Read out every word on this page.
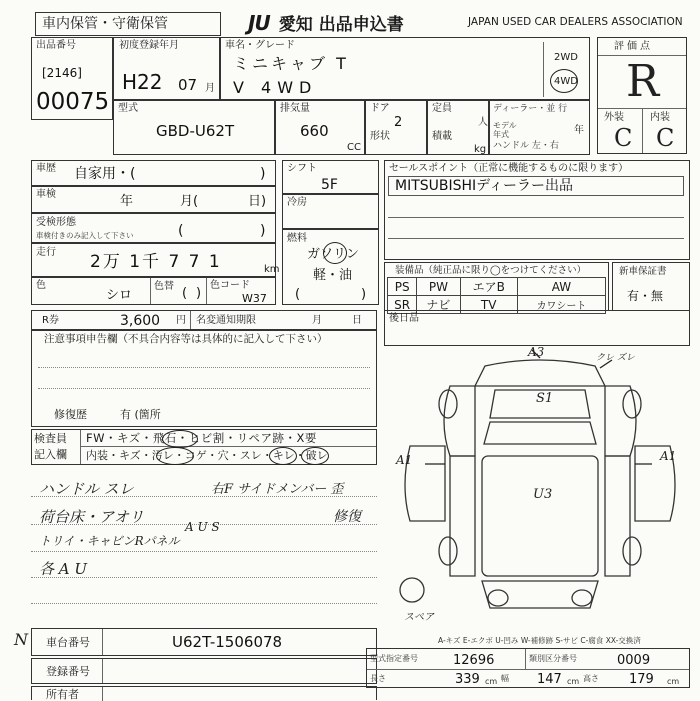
車内保管・守衛保管	JU 愛知 出品申込書	JAPAN USED CAR DEALERS ASSOCIATION
出品番号
[2146]
00075
初度登録年月
H22 07 月
車名・グレード
ミニキャブ T
V 4WD
2WD
4WD
評価点
R
外装	内装
C C
型式
GBD-U62T
排気量
660
CC
ドア
2
形状
定員
人
積載
kg
ディーラー・並 行
モデル 年式	年
ハンドル 左・右
車歴 自家用・(	)
車検	年	月(	日)
受検形態
車検付きのみ記入して下さい	(	)
走行 2万 1千 7 7 1	km
色
シロ
色替 ( )
色コード
W37
シフト
5F
冷房
燃料
ガソリン
軽・油
(	)
セールスポイント（正常に機能するものに限ります）
MITSUBISHIディーラー出品
装備品（純正品に限り◯をつけてください）
PS	PW	エアB	AW
SR	ナビ	TV	カワシート
新車保証書
有・無
R券	3,600 円 名変通知期限	月	日	後日品
注意事項申告欄（不具合内容等は具体的に記入して下さい）
修復歴	有 (箇所
検査員
記入欄
FW・キズ・飛石・ヒビ割・リペア跡・X要
内装・キズ・汚レ・コゲ・穴・スレ・キレ・破レ
ハンドル スレ
荷台床・アオリ
トリイ・キャビンRパネル
各 A U
右F サイドメンバー 歪
修復
A U S
A3	クレ ズレ
S1
A1	A1
U3
スペア
A-キズ E-エクボ U-凹み W-補修跡 S-サビ C-腐食 XX-交換済
N 車台番号	U62T-1506078
登録番号
所有者
型式指定番号	12696	類別区分番号	0009
長さ	339 cm 幅 147 cm 高さ 179 cm
